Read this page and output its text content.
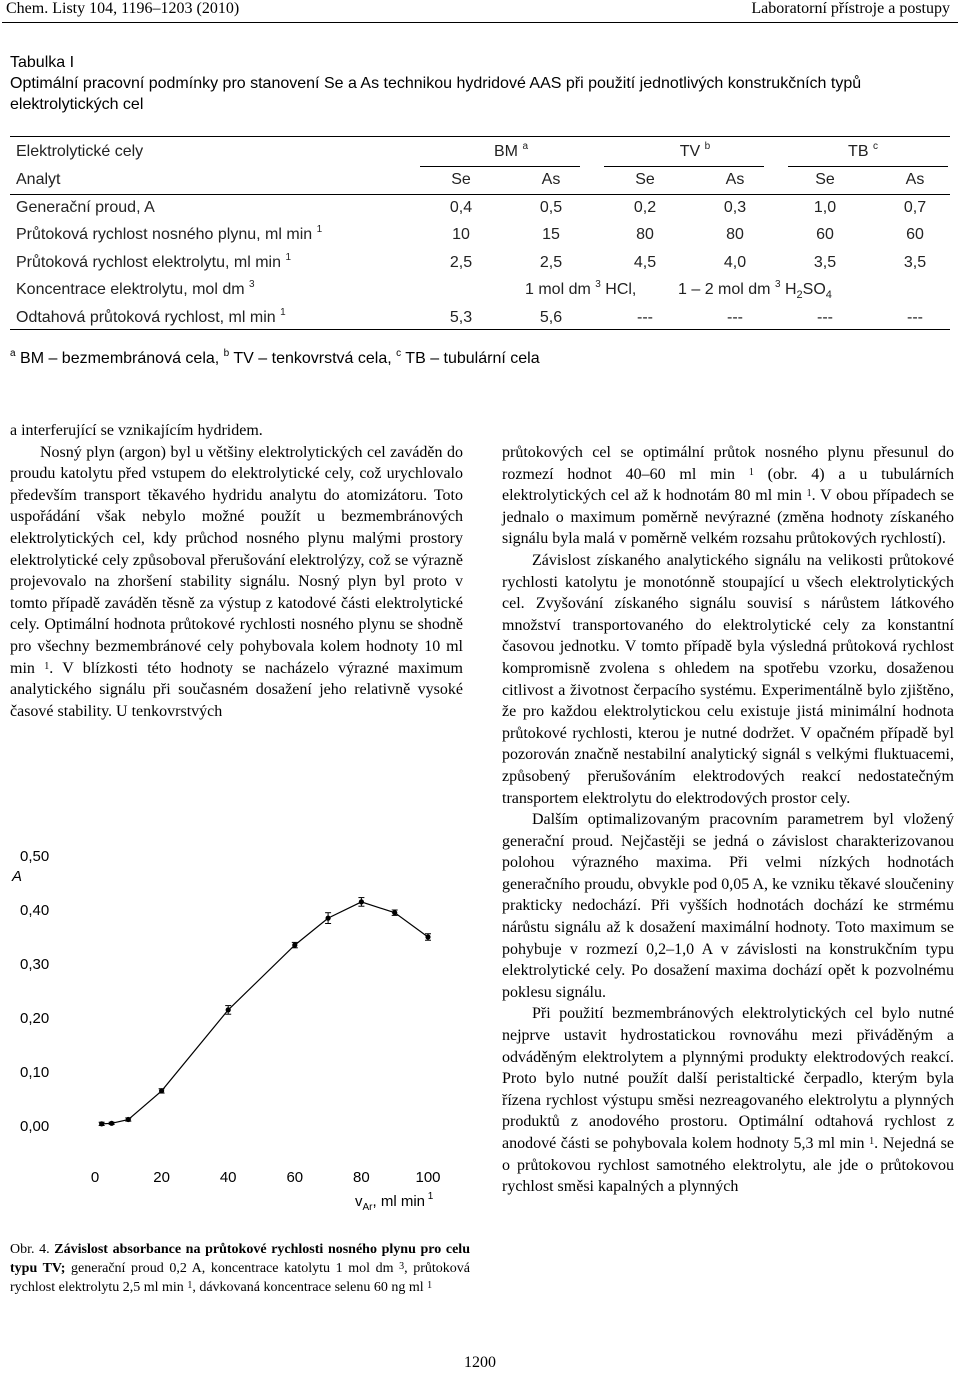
Chem. Listy 104, 1196–1203 (2010)	Laboratorní přístroje a postupy
Tabulka I
Optimální pracovní podmínky pro stanovení Se a As technikou hydridové AAS při použití jednotlivých konstrukčních typů elektrolytických cel
Elektrolytické cely	BM $^a$	TV $^b$	TB $^c$
Analyt	Se	As	Se	As	Se	As
Generační proud, A	0,4	0,5	0,2	0,3	1,0	0,7
Průtoková rychlost nosného plynu, ml min $^1$	10	15	80	80	60	60
Průtoková rychlost elektrolytu, ml min $^1$	2,5	2,5	4,5	4,0	3,5	3,5
Koncentrace elektrolytu, mol dm $^3$	1 mol dm $^3$ HCl,	1 – 2 mol dm $^3$ $H_2SO_4$
Odtahová průtoková rychlost, ml min $^1$	5,3	5,6	---	---	---	---
$^a$ BM – bezmembránová cela, $^b$ TV – tenkovrstvá cela, $^c$ TB – tubulární cela

a interferující se vznikajícím hydridem.

Nosný plyn (argon) byl u většiny elektrolytických cel zaváděn do proudu katolytu před vstupem do elektrolytické cely, což urychlovalo především transport těkavého hydridu analytu do atomizátoru. Toto uspořádání však nebylo možné použít u bezmembránových elektrolytických cel, kdy průchod nosného plynu malými prostory elektrolytické cely způsoboval přerušování elektrolýzy, což se výrazně projevovalo na zhoršení stability signálu. Nosný plyn byl proto v tomto případě zaváděn těsně za výstup z katodové části elektrolytické cely. Optimální hodnota průtokové rychlosti nosného plynu se shodně pro všechny bezmembránové cely pohybovala kolem hodnoty 10 ml min $^1$. V blízkosti této hodnoty se nacházelo výrazné maximum analytického signálu při současném dosažení jeho relativně vysoké časové stability. U tenkovrstvých

0,00
0,10
0,20
0,30
0,40
0,50
0	20	40	60	80	100
A
$v_{Ar}$, ml min $^1$
Obr. 4. Závislost absorbance na průtokové rychlosti nosného plynu pro celu typu TV; generační proud 0,2 A, koncentrace katolytu 1 mol dm $^3$, průtoková rychlost elektrolytu 2,5 ml min $^1$, dávkovaná koncentrace selenu 60 ng ml $^1$

průtokových cel se optimální průtok nosného plynu přesunul do rozmezí hodnot 40–60 ml min $^1$ (obr. 4) a u tubulárních elektrolytických cel až k hodnotám 80 ml min $^1$. V obou případech se jednalo o maximum poměrně nevýrazné (změna hodnoty získaného signálu byla malá v poměrně velkém rozsahu průtokových rychlostí).

Závislost získaného analytického signálu na velikosti průtokové rychlosti katolytu je monotónně stoupající u všech elektrolytických cel. Zvyšování získaného signálu souvisí s nárůstem látkového množství transportovaného do elektrolytické cely za konstantní časovou jednotku. V tomto případě byla výsledná průtoková rychlost kompromisně zvolena s ohledem na spotřebu vzorku, dosaženou citlivost a životnost čerpacího systému. Experimentálně bylo zjištěno, že pro každou elektrolytickou celu existuje jistá minimální hodnota průtokové rychlosti, kterou je nutné dodržet. V opačném případě byl pozorován značně nestabilní analytický signál s velkými fluktuacemi, způsobený přerušováním elektrodových reakcí nedostatečným transportem elektrolytu do elektrodových prostor cely.

Dalším optimalizovaným pracovním parametrem byl vložený generační proud. Nejčastěji se jedná o závislost charakterizovanou polohou výrazného maxima. Při velmi nízkých hodnotách generačního proudu, obvykle pod 0,05 A, ke vzniku těkavé sloučeniny prakticky nedochází. Při vyšších hodnotách dochází ke strmému nárůstu signálu až k dosažení maximální hodnoty. Toto maximum se pohybuje v rozmezí 0,2–1,0 A v závislosti na konstrukčním typu elektrolytické cely. Po dosažení maxima dochází opět k pozvolnému poklesu signálu.

Při použití bezmembránových elektrolytických cel bylo nutné nejprve ustavit hydrostatickou rovnováhu mezi přiváděným a odváděným elektrolytem a plynnými produkty elektrodových reakcí. Proto bylo nutné použít další peristaltické čerpadlo, kterým byla řízena rychlost výstupu směsi nezreagovaného elektrolytu a plynných produktů z anodového prostoru. Optimální odtahová rychlost z anodové části se pohybovala kolem hodnoty 5,3 ml min $^1$. Nejedná se o průtokovou rychlost samotného elektrolytu, ale jde o průtokovou rychlost směsi kapalných a plynných

1200
